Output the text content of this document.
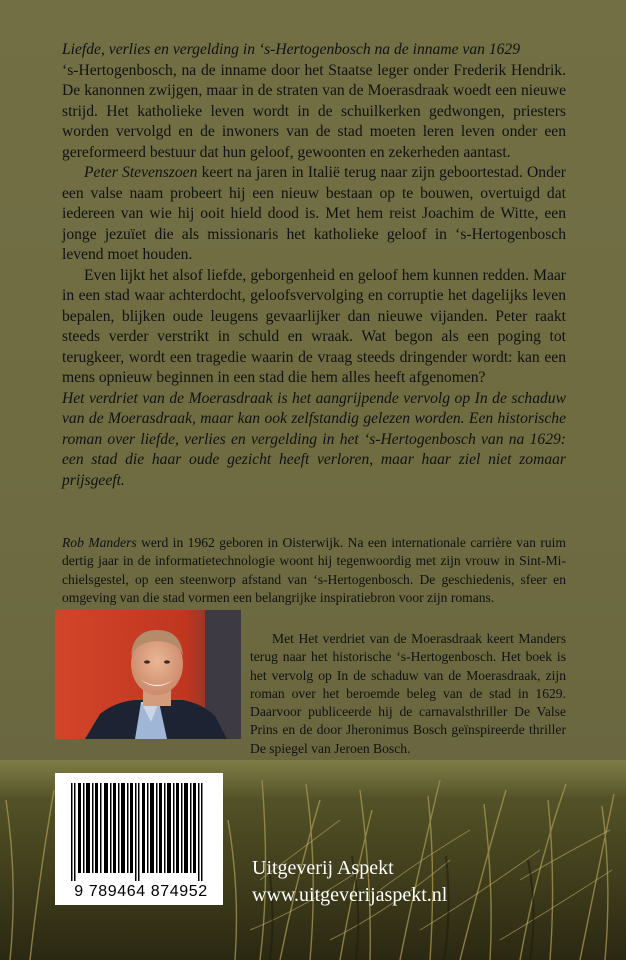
Liefde, verlies en vergelding in ‘s-Hertogenbosch na de inname van 1629

‘s-Hertogenbosch, na de inname door het Staatse leger onder Frederik Hendrik. De kanonnen zwijgen, maar in de straten van de Moerasdraak woedt een nieuwe strijd. Het katholieke leven wordt in de schuilkerken gedwongen, priesters worden vervolgd en de inwoners van de stad moeten leren leven onder een gereformeerd bestuur dat hun geloof, gewoonten en zekerheden aantast.

Peter Stevenszoen keert na jaren in Italië terug naar zijn geboortestad. Onder een valse naam probeert hij een nieuw bestaan op te bouwen, overtuigd dat iedereen van wie hij ooit hield dood is. Met hem reist Joachim de Witte, een jonge jezuïet die als missionaris het katholieke geloof in ‘s-Hertogenbosch levend moet houden.

Even lijkt het alsof liefde, geborgenheid en geloof hem kunnen redden. Maar in een stad waar achterdocht, geloofsvervolging en corruptie het dagelijks leven bepalen, blijken oude leugens gevaarlijker dan nieuwe vijanden. Peter raakt steeds verder verstrikt in schuld en wraak. Wat begon als een poging tot terugkeer, wordt een tragedie waarin de vraag steeds dringender wordt: kan een mens opnieuw beginnen in een stad die hem alles heeft afgenomen?

Het verdriet van de Moerasdraak is het aangrijpende vervolg op In de schaduw van de Moerasdraak, maar kan ook zelfstandig gelezen worden. Een historische roman over liefde, verlies en vergelding in het ‘s-Hertogenbosch van na 1629: een stad die haar oude gezicht heeft verloren, maar haar ziel niet zomaar prijsgeeft.

Rob Manders werd in 1962 geboren in Oisterwijk. Na een internationale carrière van ruim dertig jaar in de informatietechnologie woont hij tegenwoordig met zijn vrouw in Sint-Michielsgestel, op een steenworp afstand van ‘s-Hertogenbosch. De geschiedenis, sfeer en omgeving van die stad vormen een belangrijke inspiratiebron voor zijn romans.

Met Het verdriet van de Moerasdraak keert Manders terug naar het historische ‘s-Hertogenbosch. Het boek is het vervolg op In de schaduw van de Moerasdraak, zijn roman over het beroemde beleg van de stad in 1629. Daarvoor publiceerde hij de carnavalsthriller De Valse Prins en de door Jheronimus Bosch geïnspireerde thriller De spiegel van Jeroen Bosch.

9 789464 874952
Uitgeverij Aspekt
www.uitgeverijaspekt.nl
